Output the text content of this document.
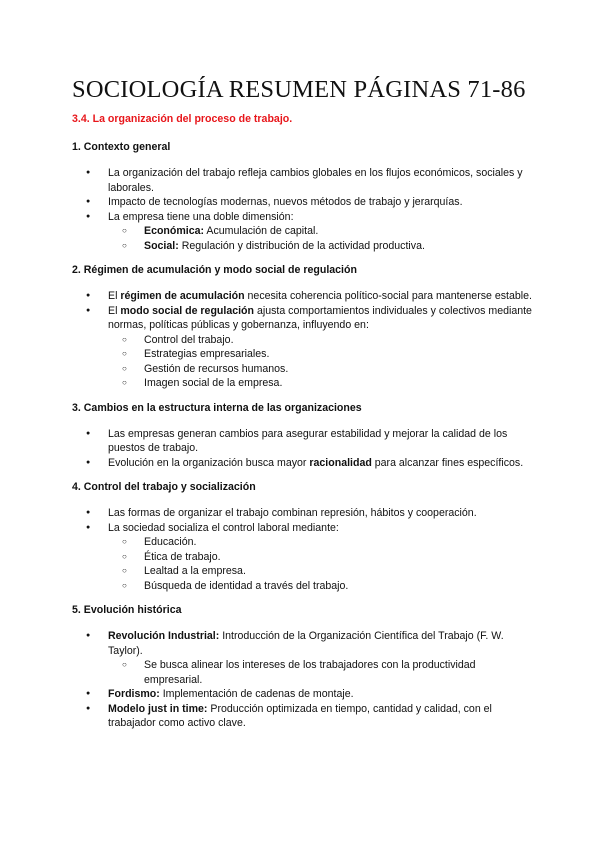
SOCIOLOGÍA RESUMEN PÁGINAS 71-86
3.4. La organización del proceso de trabajo.
1. Contexto general
● La organización del trabajo refleja cambios globales en los flujos económicos, sociales y laborales.
● Impacto de tecnologías modernas, nuevos métodos de trabajo y jerarquías.
● La empresa tiene una doble dimensión:
○ Económica: Acumulación de capital.
○ Social: Regulación y distribución de la actividad productiva.
2. Régimen de acumulación y modo social de regulación
● El régimen de acumulación necesita coherencia político-social para mantenerse estable.
● El modo social de regulación ajusta comportamientos individuales y colectivos mediante normas, políticas públicas y gobernanza, influyendo en:
○ Control del trabajo.
○ Estrategias empresariales.
○ Gestión de recursos humanos.
○ Imagen social de la empresa.
3. Cambios en la estructura interna de las organizaciones
● Las empresas generan cambios para asegurar estabilidad y mejorar la calidad de los puestos de trabajo.
● Evolución en la organización busca mayor racionalidad para alcanzar fines específicos.
4. Control del trabajo y socialización
● Las formas de organizar el trabajo combinan represión, hábitos y cooperación.
● La sociedad socializa el control laboral mediante:
○ Educación.
○ Ética de trabajo.
○ Lealtad a la empresa.
○ Búsqueda de identidad a través del trabajo.
5. Evolución histórica
● Revolución Industrial: Introducción de la Organización Científica del Trabajo (F. W. Taylor).
○ Se busca alinear los intereses de los trabajadores con la productividad empresarial.
● Fordismo: Implementación de cadenas de montaje.
● Modelo just in time: Producción optimizada en tiempo, cantidad y calidad, con el trabajador como activo clave.
